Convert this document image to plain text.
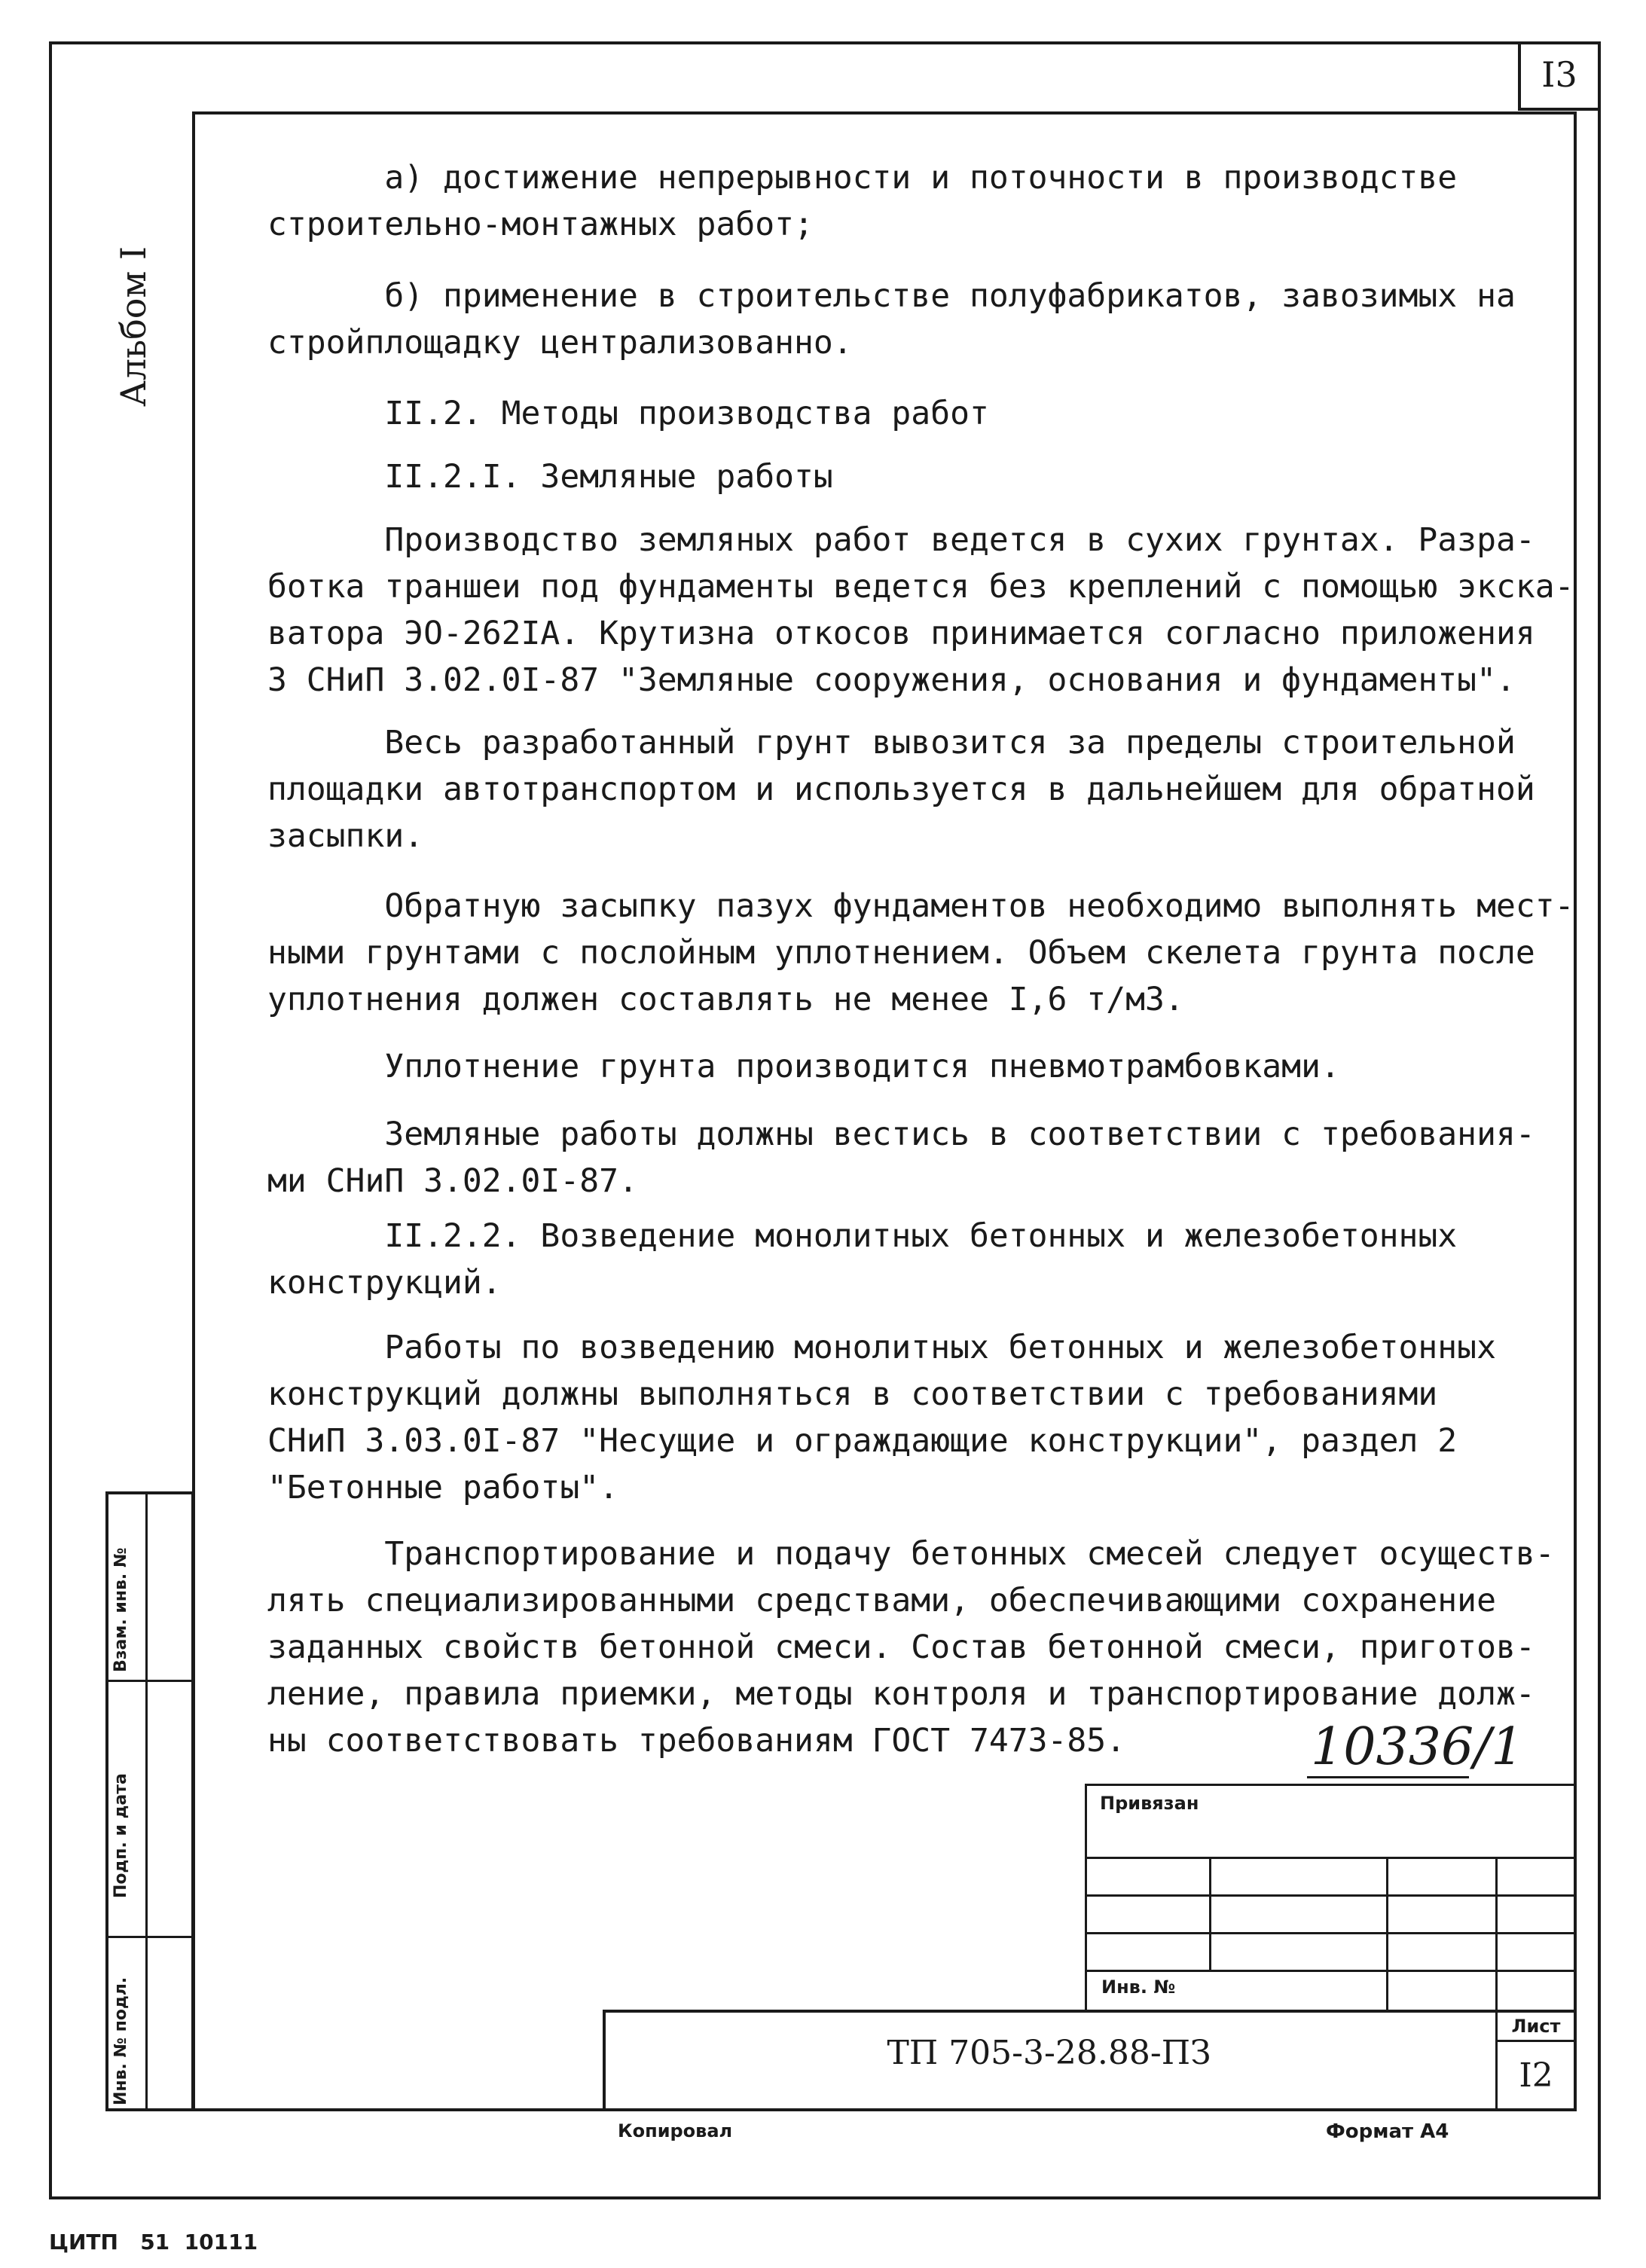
I3
Альбом I
а) достижение непрерывности и поточности в производстве
строительно-монтажных работ;
б) применение в строительстве полуфабрикатов, завозимых на
стройплощадку централизованно.
II.2. Методы производства работ
II.2.I. Земляные работы
Производство земляных работ ведется в сухих грунтах. Разра-
ботка траншеи под фундаменты ведется без креплений с помощью экска-
ватора ЭО-262IA. Крутизна откосов принимается согласно приложения
3 СНиП 3.02.0I-87 "Земляные сооружения, основания и фундаменты".
Весь разработанный грунт вывозится за пределы строительной
площадки автотранспортом и используется в дальнейшем для обратной
засыпки.
Обратную засыпку пазух фундаментов необходимо выполнять мест-
ными грунтами с послойным уплотнением. Объем скелета грунта после
уплотнения должен составлять не менее I,6 т/м3.
Уплотнение грунта производится пневмотрамбовками.
Земляные работы должны вестись в соответствии с требования-
ми СНиП 3.02.0I-87.
II.2.2. Возведение монолитных бетонных и железобетонных
конструкций.
Работы по возведению монолитных бетонных и железобетонных
конструкций должны выполняться в соответствии с требованиями
СНиП 3.03.0I-87 "Несущие и ограждающие конструкции", раздел 2
"Бетонные работы".
Транспортирование и подачу бетонных смесей следует осуществ-
лять специализированными средствами, обеспечивающими сохранение
заданных свойств бетонной смеси. Состав бетонной смеси, приготов-
ление, правила приемки, методы контроля и транспортирование долж-
ны соответствовать требованиям ГОСТ 7473-85.	10336/1
Привязан
Инв. №
ТП 705-3-28.88-ПЗ
Лист
I2
Взам. инв. №
Подп. и дата
Инв. № подл.
Копировал	Формат А4
ЦИТП   51  10111
